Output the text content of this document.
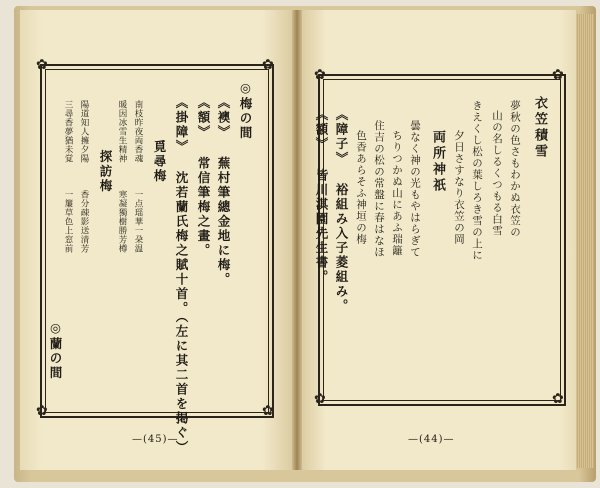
✿	✿
✿	✿
✿	✿
✿	✿
衣笠積雪
夢秋の色さもわかぬ衣笠の
山の名しるくつもる白雪
きえくし松の葉しろき雪の上に
夕日さすなり衣笠の岡
両所神祇
曇なく神の光もやはらぎて
ちりつかぬ山にあふ瑞籬
住吉の松の常盤に春はなほ
色香あらそふ神垣の梅
《障子》 裕組み入子菱組み。
《額》 皆川淇園先生書。
—(44)—
◎梅の間
《襖》 蕪村筆總金地に梅。
《額》 常信筆梅之畫。
《掛障》 沈若蘭氏梅之賦十首。（左に其二首を掲ぐ）
覓尋梅
南枝昨夜両香魂
一点瑶華一朶温
暖因冰雪生精神
寒凝獨樹勝芳樽
探訪梅
陽道知人擁夕陽
香分疎影送清芳
三尋香夢猶未覚
一簾草色上窓前
◎蘭の間
—(45)—
